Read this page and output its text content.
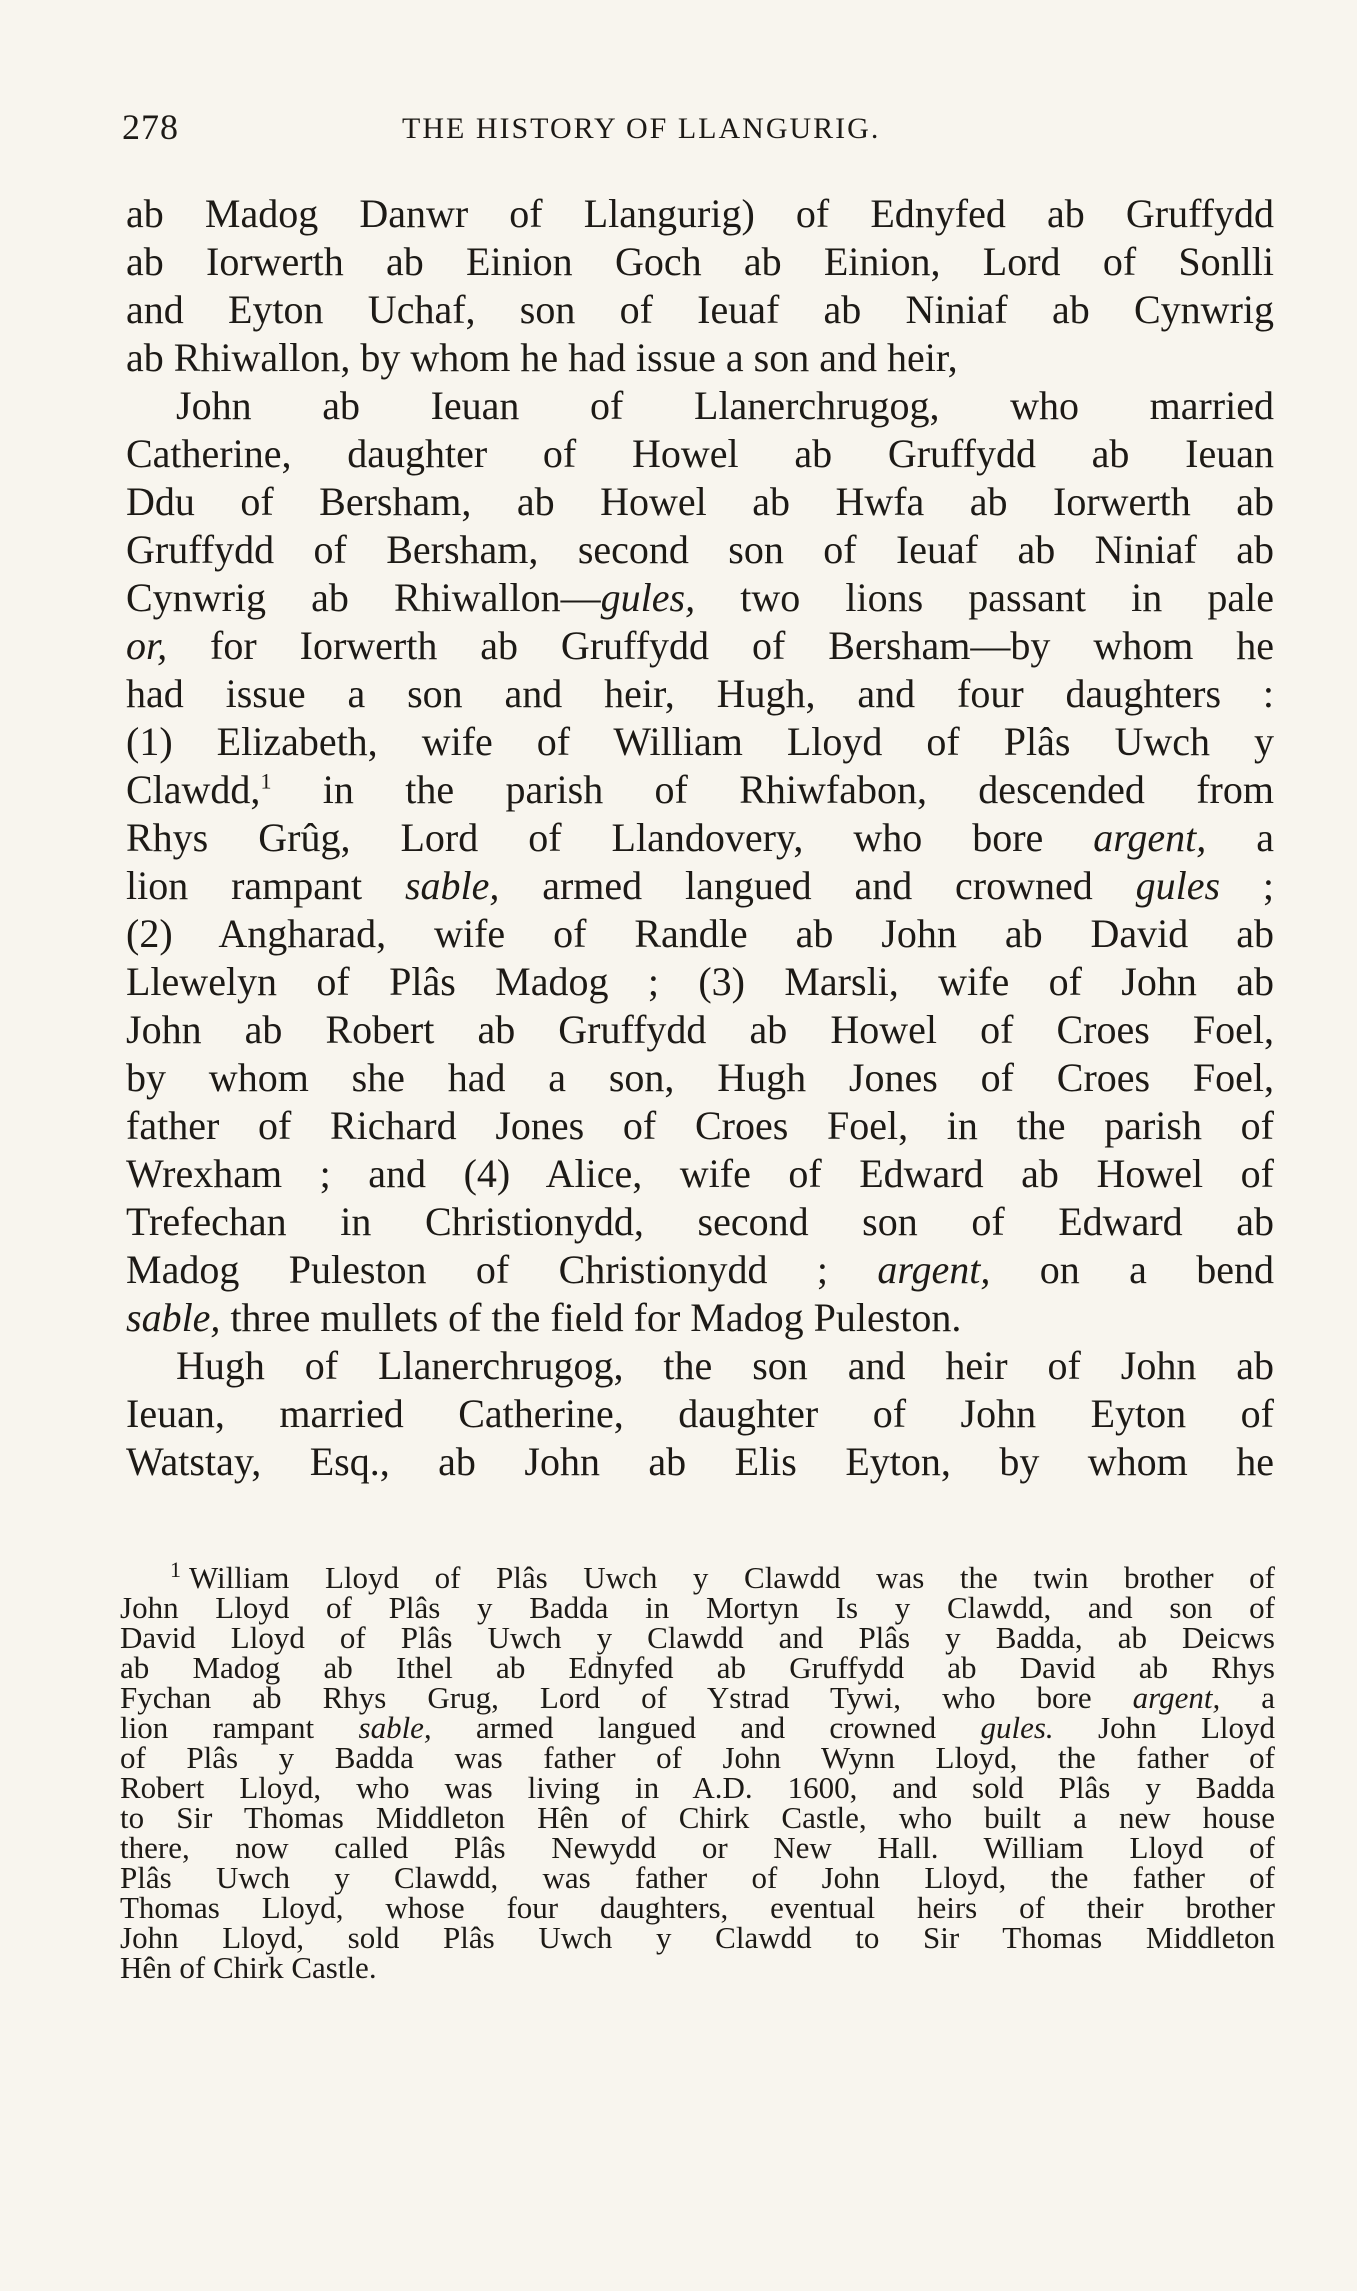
278	THE HISTORY OF LLANGURIG.
ab Madog Danwr of Llangurig) of Ednyfed ab Gruffydd
ab Iorwerth ab Einion Goch ab Einion, Lord of Sonlli
and Eyton Uchaf, son of Ieuaf ab Niniaf ab Cynwrig
ab Rhiwallon, by whom he had issue a son and heir,
John ab Ieuan of Llanerchrugog, who married
Catherine, daughter of Howel ab Gruffydd ab Ieuan
Ddu of Bersham, ab Howel ab Hwfa ab Iorwerth ab
Gruffydd of Bersham, second son of Ieuaf ab Niniaf ab
Cynwrig ab Rhiwallon—gules, two lions passant in pale
or, for Iorwerth ab Gruffydd of Bersham—by whom he
had issue a son and heir, Hugh, and four daughters :
(1) Elizabeth, wife of William Lloyd of Plâs Uwch y
Clawdd,$^1$ in the parish of Rhiwfabon, descended from
Rhys Grûg, Lord of Llandovery, who bore argent, a
lion rampant sable, armed langued and crowned gules ;
(2) Angharad, wife of Randle ab John ab David ab
Llewelyn of Plâs Madog ; (3) Marsli, wife of John ab
John ab Robert ab Gruffydd ab Howel of Croes Foel,
by whom she had a son, Hugh Jones of Croes Foel,
father of Richard Jones of Croes Foel, in the parish of
Wrexham ; and (4) Alice, wife of Edward ab Howel of
Trefechan in Christionydd, second son of Edward ab
Madog Puleston of Christionydd ; argent, on a bend
sable, three mullets of the field for Madog Puleston.
Hugh of Llanerchrugog, the son and heir of John ab
Ieuan, married Catherine, daughter of John Eyton of
Watstay, Esq., ab John ab Elis Eyton, by whom he
$^1$ William Lloyd of Plâs Uwch y Clawdd was the twin brother of
John Lloyd of Plâs y Badda in Mortyn Is y Clawdd, and son of
David Lloyd of Plâs Uwch y Clawdd and Plâs y Badda, ab Deicws
ab Madog ab Ithel ab Ednyfed ab Gruffydd ab David ab Rhys
Fychan ab Rhys Grug, Lord of Ystrad Tywi, who bore argent, a
lion rampant sable, armed langued and crowned gules. John Lloyd
of Plâs y Badda was father of John Wynn Lloyd, the father of
Robert Lloyd, who was living in A.D. 1600, and sold Plâs y Badda
to Sir Thomas Middleton Hên of Chirk Castle, who built a new house
there, now called Plâs Newydd or New Hall. William Lloyd of
Plâs Uwch y Clawdd, was father of John Lloyd, the father of
Thomas Lloyd, whose four daughters, eventual heirs of their brother
John Lloyd, sold Plâs Uwch y Clawdd to Sir Thomas Middleton
Hên of Chirk Castle.
